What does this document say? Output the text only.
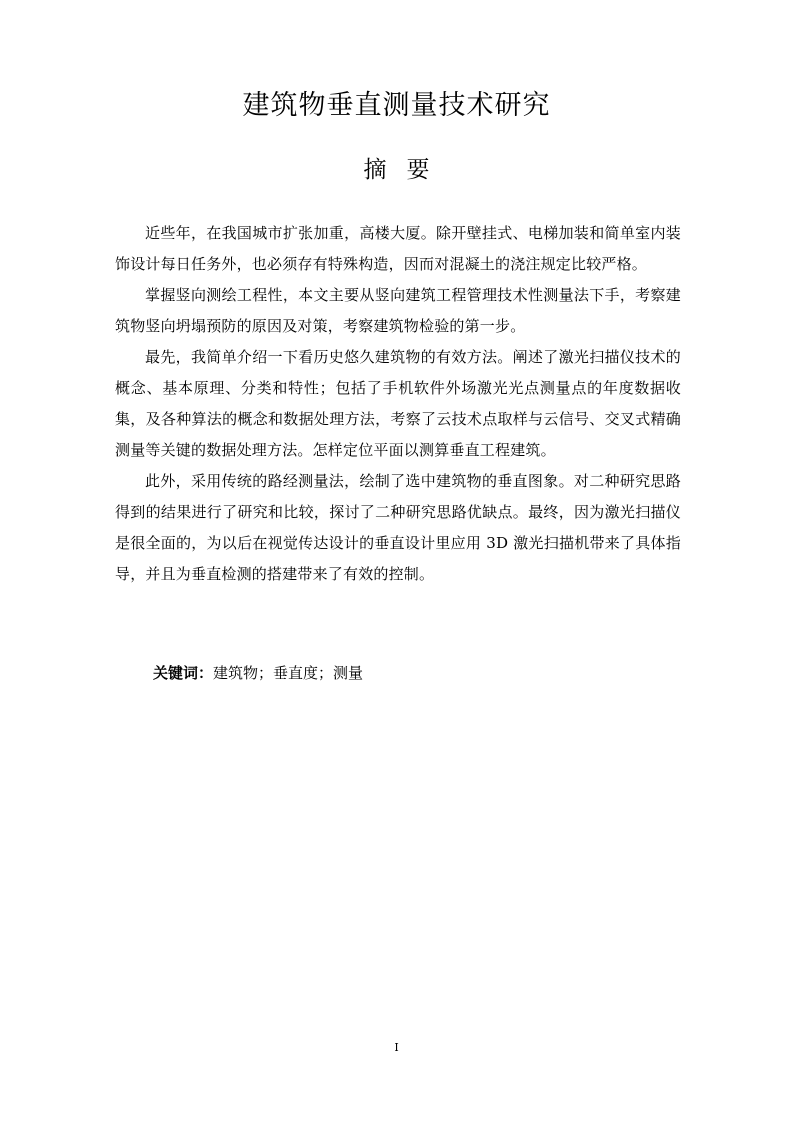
建筑物垂直测量技术研究
摘要

近些年，在我国城市扩张加重，高楼大厦。除开壁挂式、电梯加装和简单室内装饰设计每日任务外，也必须存有特殊构造，因而对混凝土的浇注规定比较严格。

掌握竖向测绘工程性，本文主要从竖向建筑工程管理技术性测量法下手，考察建筑物竖向坍塌预防的原因及对策，考察建筑物检验的第一步。

最先，我简单介绍一下看历史悠久建筑物的有效方法。阐述了激光扫描仪技术的概念、基本原理、分类和特性；包括了手机软件外场激光光点测量点的年度数据收集，及各种算法的概念和数据处理方法，考察了云技术点取样与云信号、交叉式精确测量等关键的数据处理方法。怎样定位平面以测算垂直工程建筑。

此外，采用传统的路经测量法，绘制了选中建筑物的垂直图象。对二种研究思路得到的结果进行了研究和比较，探讨了二种研究思路优缺点。最终，因为激光扫描仪是很全面的，为以后在视觉传达设计的垂直设计里应用 3D 激光扫描机带来了具体指导，并且为垂直检测的搭建带来了有效的控制。

关键词：建筑物；垂直度；测量
I
